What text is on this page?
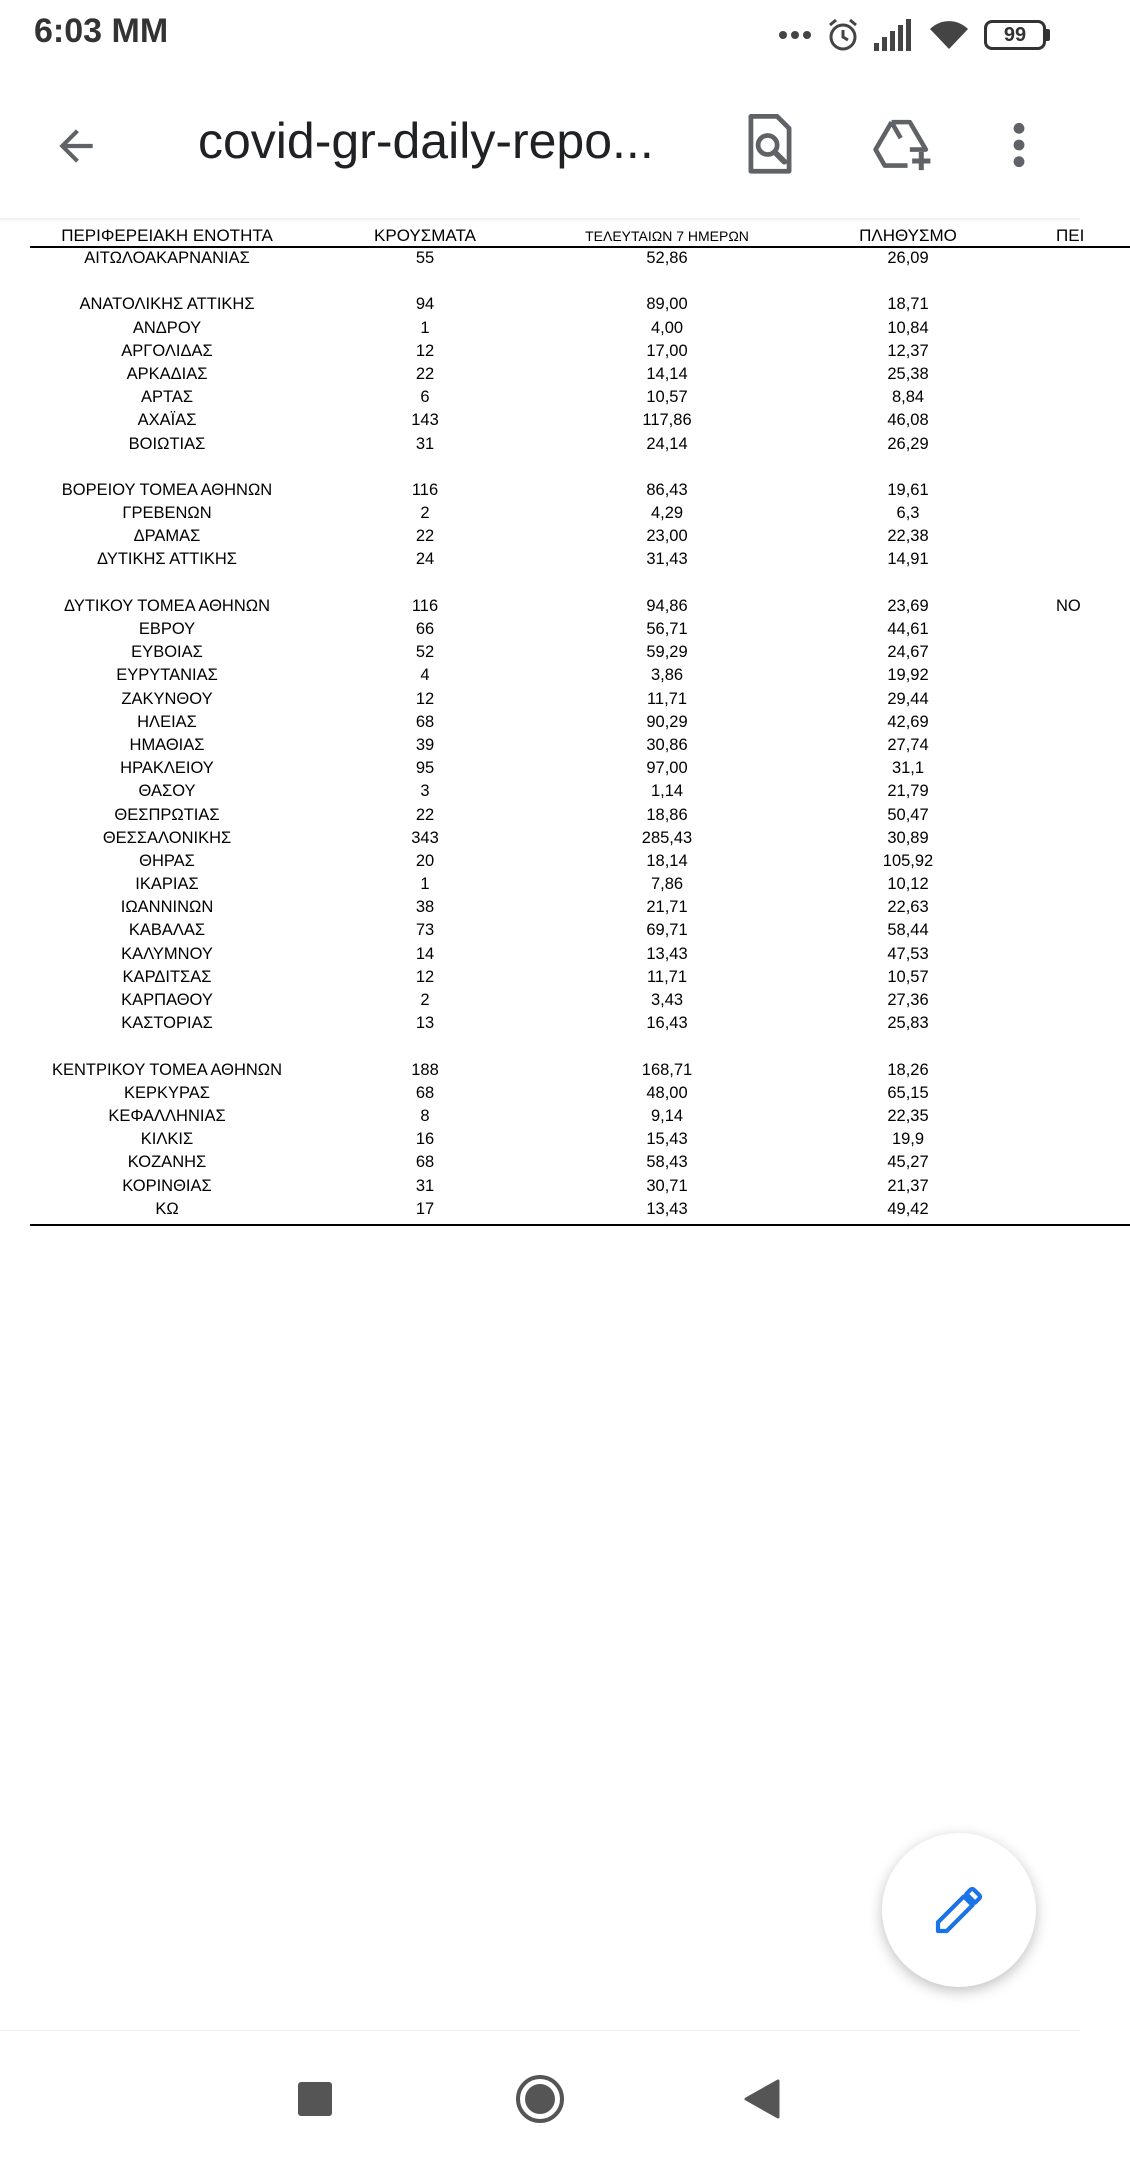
6:03 ΜΜ	99
covid-gr-daily-repo...
ΠΕΡΙΦΕΡΕΙΑΚΗ ΕΝΟΤΗΤΑ	ΚΡΟΥΣΜΑΤΑ	ΤΕΛΕΥΤΑΙΩΝ 7 ΗΜΕΡΩΝ	ΠΛΗΘΥΣΜΟ	ΠΕΙ
ΑΙΤΩΛΟΑΚΑΡΝΑΝΙΑΣ	55	52,86	26,09
ΑΝΑΤΟΛΙΚΗΣ ΑΤΤΙΚΗΣ	94	89,00	18,71
ΑΝΔΡΟΥ	1	4,00	10,84
ΑΡΓΟΛΙΔΑΣ	12	17,00	12,37
ΑΡΚΑΔΙΑΣ	22	14,14	25,38
ΑΡΤΑΣ	6	10,57	8,84
ΑΧΑΪΑΣ	143	117,86	46,08
ΒΟΙΩΤΙΑΣ	31	24,14	26,29
ΒΟΡΕΙΟΥ ΤΟΜΕΑ ΑΘΗΝΩΝ	116	86,43	19,61
ΓΡΕΒΕΝΩΝ	2	4,29	6,3
ΔΡΑΜΑΣ	22	23,00	22,38
ΔΥΤΙΚΗΣ ΑΤΤΙΚΗΣ	24	31,43	14,91
ΔΥΤΙΚΟΥ ΤΟΜΕΑ ΑΘΗΝΩΝ	116	94,86	23,69	ΝΟ
ΕΒΡΟΥ	66	56,71	44,61
ΕΥΒΟΙΑΣ	52	59,29	24,67
ΕΥΡΥΤΑΝΙΑΣ	4	3,86	19,92
ΖΑΚΥΝΘΟΥ	12	11,71	29,44
ΗΛΕΙΑΣ	68	90,29	42,69
ΗΜΑΘΙΑΣ	39	30,86	27,74
ΗΡΑΚΛΕΙΟΥ	95	97,00	31,1
ΘΑΣΟΥ	3	1,14	21,79
ΘΕΣΠΡΩΤΙΑΣ	22	18,86	50,47
ΘΕΣΣΑΛΟΝΙΚΗΣ	343	285,43	30,89
ΘΗΡΑΣ	20	18,14	105,92
ΙΚΑΡΙΑΣ	1	7,86	10,12
ΙΩΑΝΝΙΝΩΝ	38	21,71	22,63
ΚΑΒΑΛΑΣ	73	69,71	58,44
ΚΑΛΥΜΝΟΥ	14	13,43	47,53
ΚΑΡΔΙΤΣΑΣ	12	11,71	10,57
ΚΑΡΠΑΘΟΥ	2	3,43	27,36
ΚΑΣΤΟΡΙΑΣ	13	16,43	25,83
ΚΕΝΤΡΙΚΟΥ ΤΟΜΕΑ ΑΘΗΝΩΝ	188	168,71	18,26
ΚΕΡΚΥΡΑΣ	68	48,00	65,15
ΚΕΦΑΛΛΗΝΙΑΣ	8	9,14	22,35
ΚΙΛΚΙΣ	16	15,43	19,9
ΚΟΖΑΝΗΣ	68	58,43	45,27
ΚΟΡΙΝΘΙΑΣ	31	30,71	21,37
ΚΩ	17	13,43	49,42
